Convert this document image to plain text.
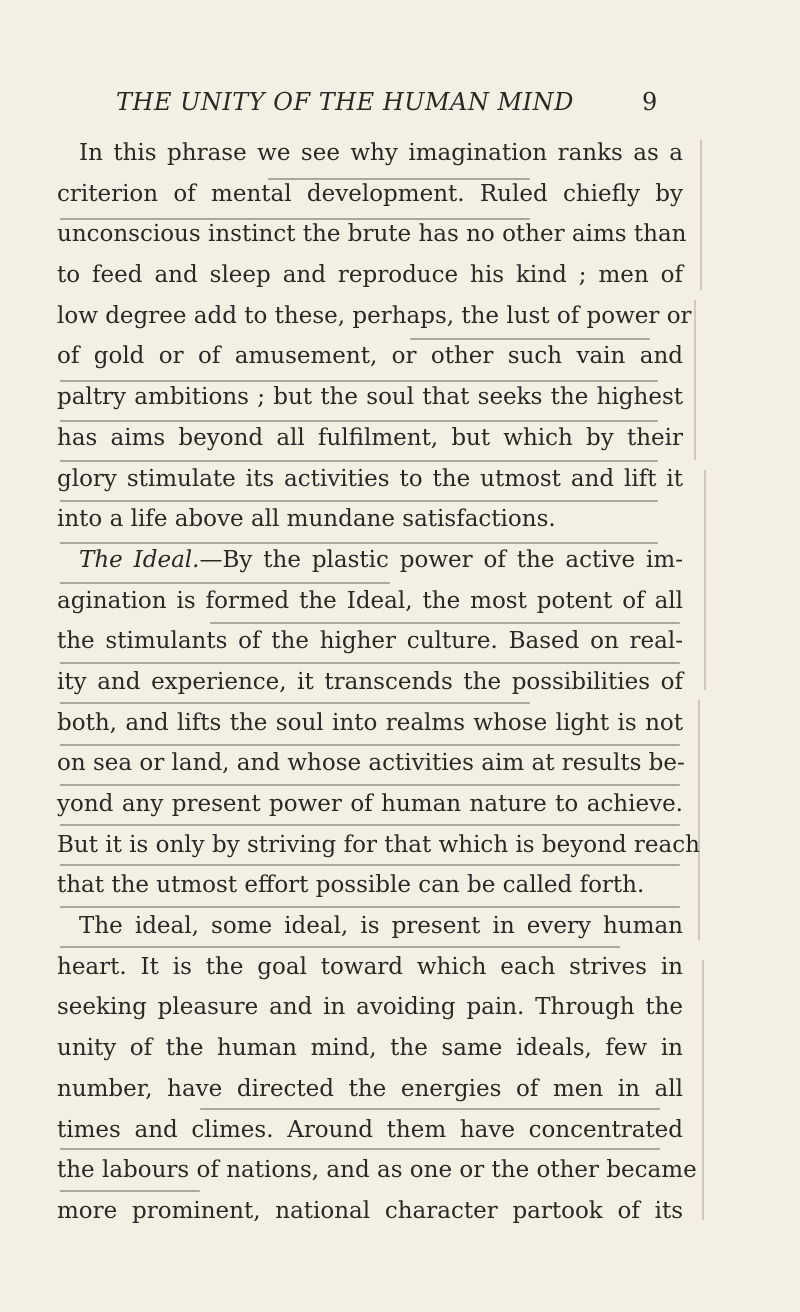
THE UNITY OF THE HUMAN MIND	9
In this phrase we see why imagination ranks as a
criterion of mental development. Ruled chiefly by
unconscious instinct the brute has no other aims than
to feed and sleep and reproduce his kind ; men of
low degree add to these, perhaps, the lust of power or
of gold or of amusement, or other such vain and
paltry ambitions ; but the soul that seeks the highest
has aims beyond all fulfilment, but which by their
glory stimulate its activities to the utmost and lift it
into a life above all mundane satisfactions.
The Ideal.—By the plastic power of the active im-
agination is formed the Ideal, the most potent of all
the stimulants of the higher culture. Based on real-
ity and experience, it transcends the possibilities of
both, and lifts the soul into realms whose light is not
on sea or land, and whose activities aim at results be-
yond any present power of human nature to achieve.
But it is only by striving for that which is beyond reach
that the utmost effort possible can be called forth.
The ideal, some ideal, is present in every human
heart. It is the goal toward which each strives in
seeking pleasure and in avoiding pain. Through the
unity of the human mind, the same ideals, few in
number, have directed the energies of men in all
times and climes. Around them have concentrated
the labours of nations, and as one or the other became
more prominent, national character partook of its
